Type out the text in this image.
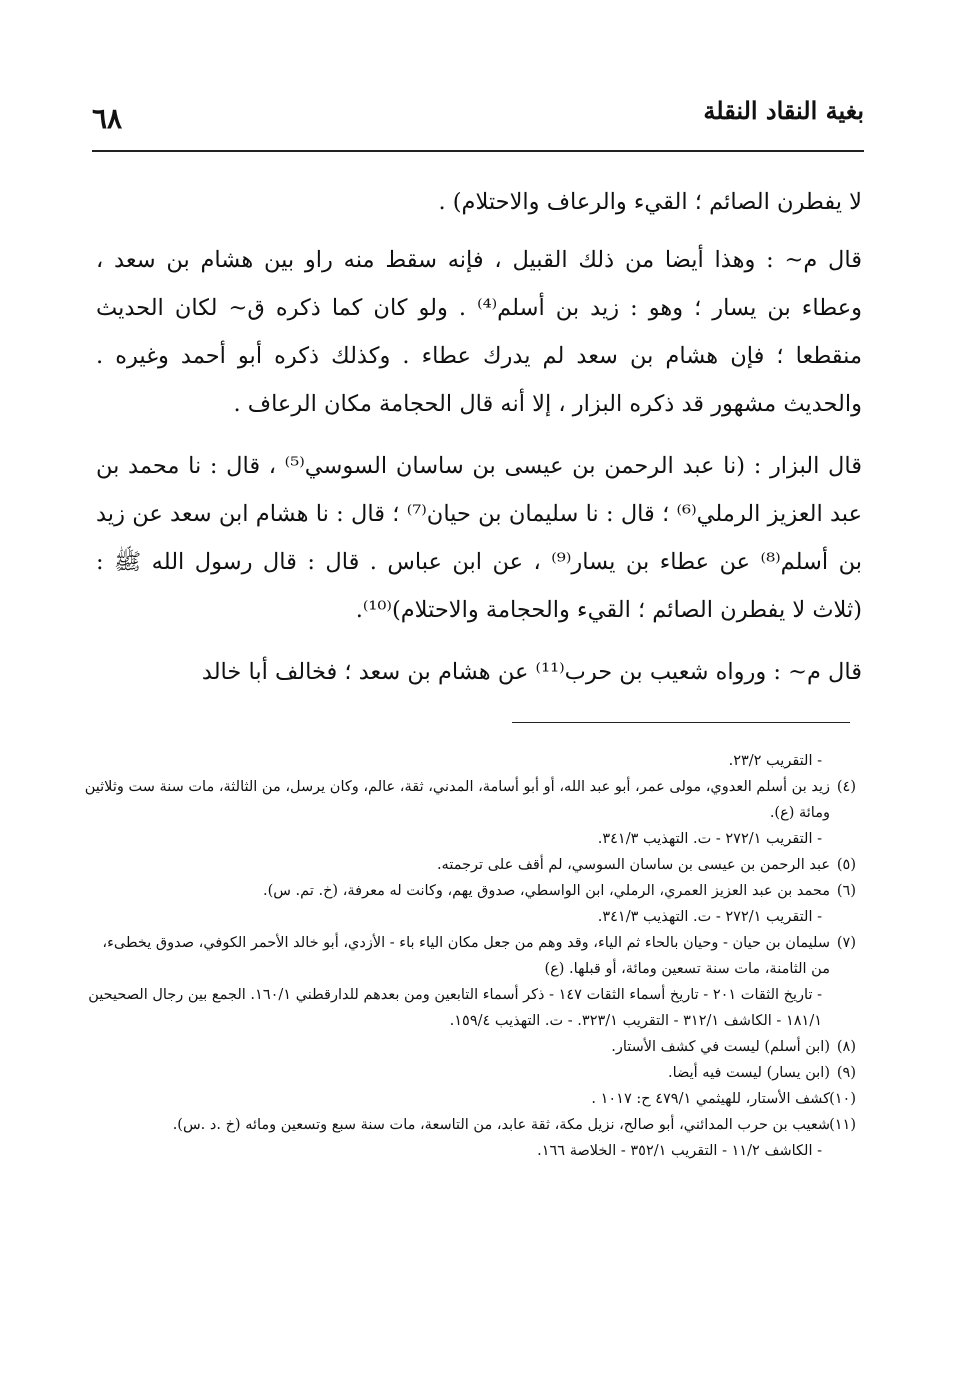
بغية النقاد النقلة
٦٨

لا يفطرن الصائم ؛ القيء والرعاف والاحتلام) .

قال م~ : وهذا أيضا من ذلك القبيل ، فإنه سقط منه راو بين هشام بن سعد ، وعطاء بن يسار ؛ وهو : زيد بن أسلم⁽⁴⁾ . ولو كان كما ذكره ق~ لكان الحديث منقطعا ؛ فإن هشام بن سعد لم يدرك عطاء . وكذلك ذكره أبو أحمد وغيره . والحديث مشهور قد ذكره البزار ، إلا أنه قال الحجامة مكان الرعاف .

قال البزار : (نا عبد الرحمن بن عيسى بن ساسان السوسي⁽⁵⁾ ، قال : نا محمد بن عبد العزيز الرملي⁽⁶⁾ ؛ قال : نا سليمان بن حيان⁽⁷⁾ ؛ قال : نا هشام ابن سعد عن زيد بن أسلم⁽⁸⁾ عن عطاء بن يسار⁽⁹⁾ ، عن ابن عباس . قال : قال رسول الله ﷺ : (ثلاث لا يفطرن الصائم ؛ القيء والحجامة والاحتلام)⁽¹⁰⁾.

قال م~ : ورواه شعيب بن حرب⁽¹¹⁾ عن هشام بن سعد ؛ فخالف أبا خالد

- التقريب ٢٣/٢.

(٤)
زيد بن أسلم العدوي، مولى عمر، أبو عبد الله، أو أبو أسامة، المدني، ثقة، عالم، وكان يرسل، من الثالثة، مات سنة ست وثلاثين ومائة (ع).

- التقريب ٢٧٢/١ - ت. التهذيب ٣٤١/٣.

(٥)
عبد الرحمن بن عيسى بن ساسان السوسي، لم أقف على ترجمته.

(٦)
محمد بن عبد العزيز العمري، الرملي، ابن الواسطي، صدوق يهم، وكانت له معرفة، (خ. تم. س).

- التقريب ٢٧٢/١ - ت. التهذيب ٣٤١/٣.

(٧)
سليمان بن حيان - وحيان بالحاء ثم الياء، وقد وهم من جعل مكان الياء باء - الأزدي، أبو خالد الأحمر الكوفي، صدوق يخطىء، من الثامنة، مات سنة تسعين ومائة، أو قبلها. (ع)

- تاريخ الثقات ٢٠١ - تاريخ أسماء الثقات ١٤٧ - ذكر أسماء التابعين ومن بعدهم للدارقطني ١٦٠/١. الجمع بين رجال الصحيحين ١٨١/١ - الكاشف ٣١٢/١ - التقريب ٣٢٣/١. - ت. التهذيب ١٥٩/٤.

(٨)
(ابن أسلم) ليست في كشف الأستار.

(٩)
(ابن يسار) ليست فيه أيضا.

(١٠)
كشف الأستار، للهيثمي ٤٧٩/١ ح: ١٠١٧ .

(١١)
شعيب بن حرب المدائني، أبو صالح، نزيل مكة، ثقة عابد، من التاسعة، مات سنة سبع وتسعين ومائه (خ .د .س).

- الكاشف ١١/٢ - التقريب ٣٥٢/١ - الخلاصة ١٦٦.
